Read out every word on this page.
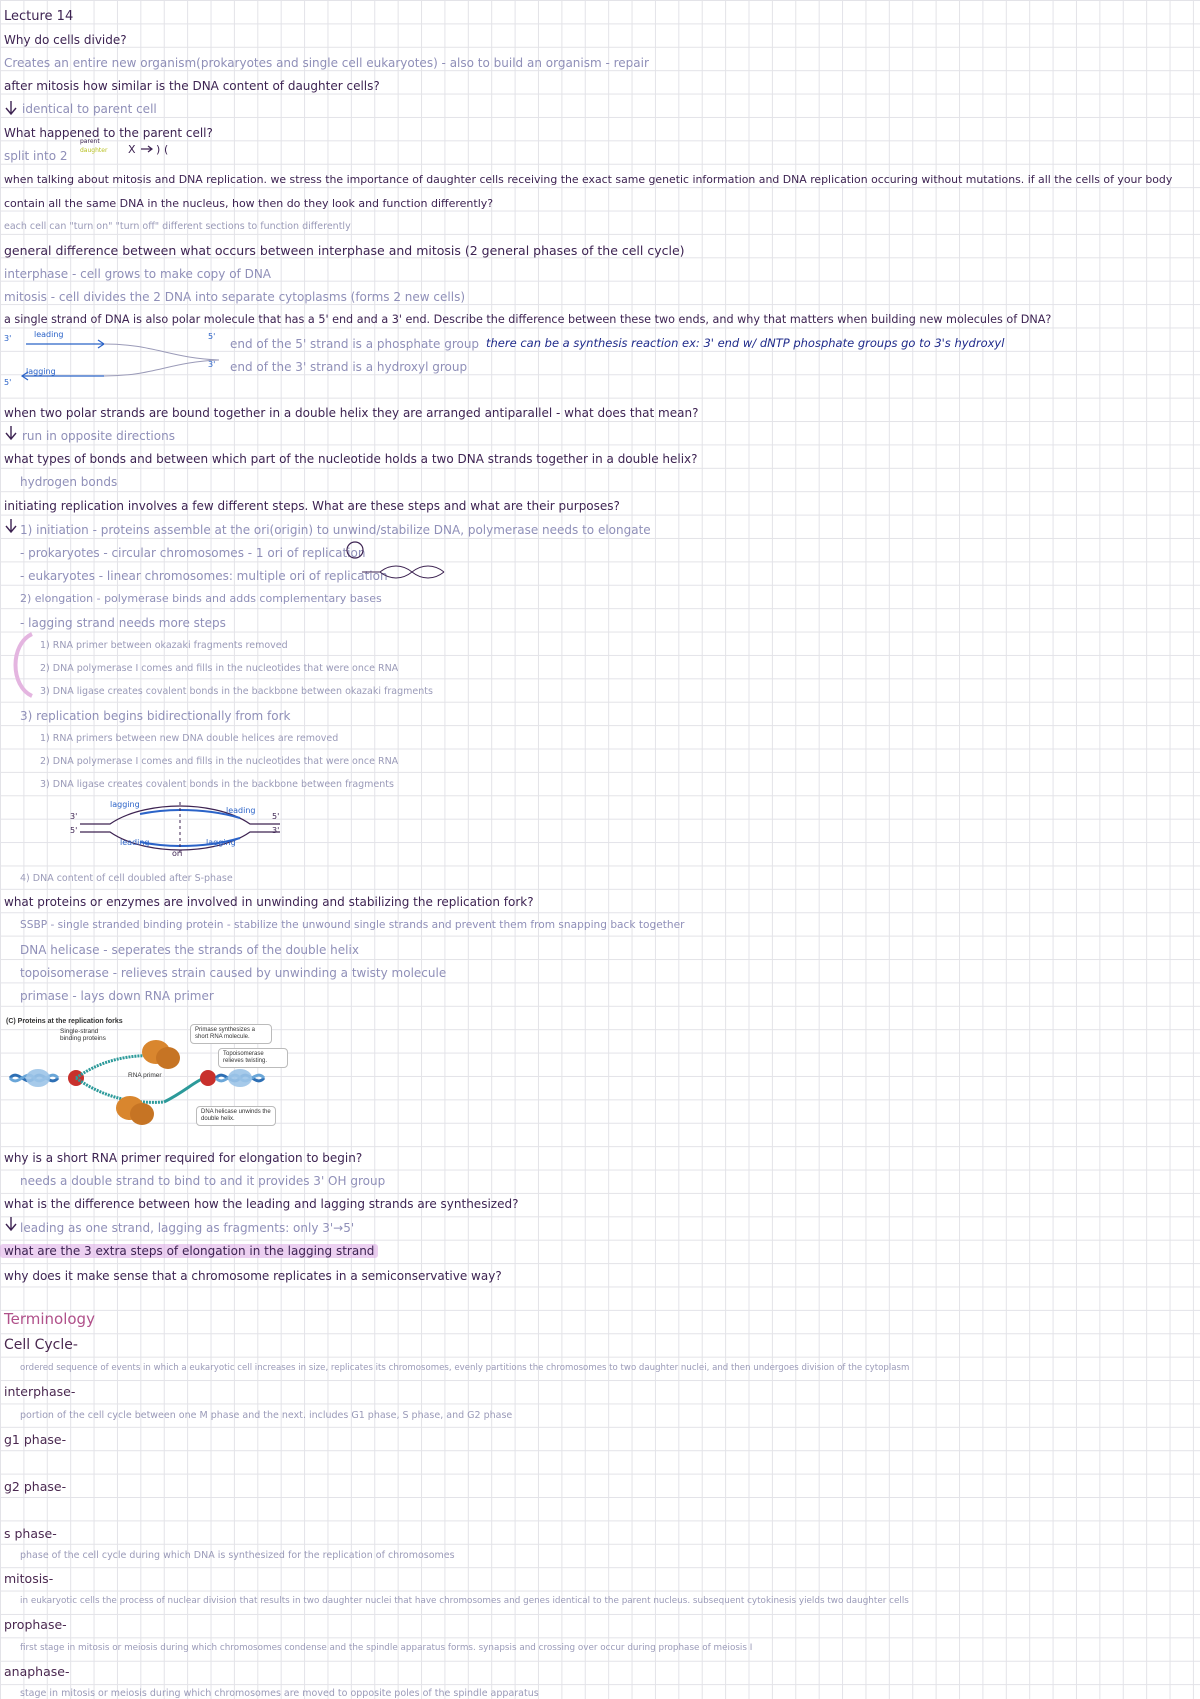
Lecture 14
Why do cells divide?
Creates an entire new organism(prokaryotes and single cell eukaryotes) - also to build an organism - repair
after mitosis how similar is the DNA content of daughter cells?
identical to parent cell
What happened to the parent cell?
split into 2
parent
daughter X ) (
when talking about mitosis and DNA replication. we stress the importance of daughter cells receiving the exact same genetic information and DNA replication occuring without mutations. if all the cells of your body
contain all the same DNA in the nucleus, how then do they look and function differently?
each cell can "turn on" "turn off" different sections to function differently
general difference between what occurs between interphase and mitosis (2 general phases of the cell cycle)
interphase - cell grows to make copy of DNA
mitosis - cell divides the 2 DNA into separate cytoplasms (forms 2 new cells)
a single strand of DNA is also polar molecule that has a 5' end and a 3' end. Describe the difference between these two ends, and why that matters when building new molecules of DNA?
3'	leading
lagging
5'
5'
3'
end of the 5' strand is a phosphate group
end of the 3' strand is a hydroxyl group
there can be a synthesis reaction ex: 3' end w/ dNTP phosphate groups go to 3's hydroxyl
when two polar strands are bound together in a double helix they are arranged antiparallel - what does that mean?
run in opposite directions
what types of bonds and between which part of the nucleotide holds a two DNA strands together in a double helix?
hydrogen bonds
initiating replication involves a few different steps. What are these steps and what are their purposes?
1) initiation - proteins assemble at the ori(origin) to unwind/stabilize DNA, polymerase needs to elongate
- prokaryotes - circular chromosomes - 1 ori of replication
- eukaryotes - linear chromosomes: multiple ori of replication
2) elongation - polymerase binds and adds complementary bases
- lagging strand needs more steps
1) RNA primer between okazaki fragments removed
2) DNA polymerase I comes and fills in the nucleotides that were once RNA
3) DNA ligase creates covalent bonds in the backbone between okazaki fragments
3) replication begins bidirectionally from fork
1) RNA primers between new DNA double helices are removed
2) DNA polymerase I comes and fills in the nucleotides that were once RNA
3) DNA ligase creates covalent bonds in the backbone between fragments
lagging
leading
leading	lagging
ori
3'
5'
5'
3'
4) DNA content of cell doubled after S-phase
what proteins or enzymes are involved in unwinding and stabilizing the replication fork?
SSBP - single stranded binding protein - stabilize the unwound single strands and prevent them from snapping back together
DNA helicase - seperates the strands of the double helix
topoisomerase - relieves strain caused by unwinding a twisty molecule
primase - lays down RNA primer
(C) Proteins at the replication forks
Single-strand binding proteins
Primase synthesizes a short RNA molecule.
Topoisomerase relieves twisting.
RNA primer
DNA helicase unwinds the double helix.
why is a short RNA primer required for elongation to begin?
needs a double strand to bind to and it provides 3' OH group
what is the difference between how the leading and lagging strands are synthesized?
leading as one strand, lagging as fragments: only 3'→5'
what are the 3 extra steps of elongation in the lagging strand
why does it make sense that a chromosome replicates in a semiconservative way?
Terminology
Cell Cycle-
ordered sequence of events in which a eukaryotic cell increases in size, replicates its chromosomes, evenly partitions the chromosomes to two daughter nuclei, and then undergoes division of the cytoplasm
interphase-
portion of the cell cycle between one M phase and the next. includes G1 phase, S phase, and G2 phase
g1 phase-
g2 phase-
s phase-
phase of the cell cycle during which DNA is synthesized for the replication of chromosomes
mitosis-
in eukaryotic cells the process of nuclear division that results in two daughter nuclei that have chromosomes and genes identical to the parent nucleus. subsequent cytokinesis yields two daughter cells
prophase-
first stage in mitosis or meiosis during which chromosomes condense and the spindle apparatus forms. synapsis and crossing over occur during prophase of meiosis I
anaphase-
stage in mitosis or meiosis during which chromosomes are moved to opposite poles of the spindle apparatus
